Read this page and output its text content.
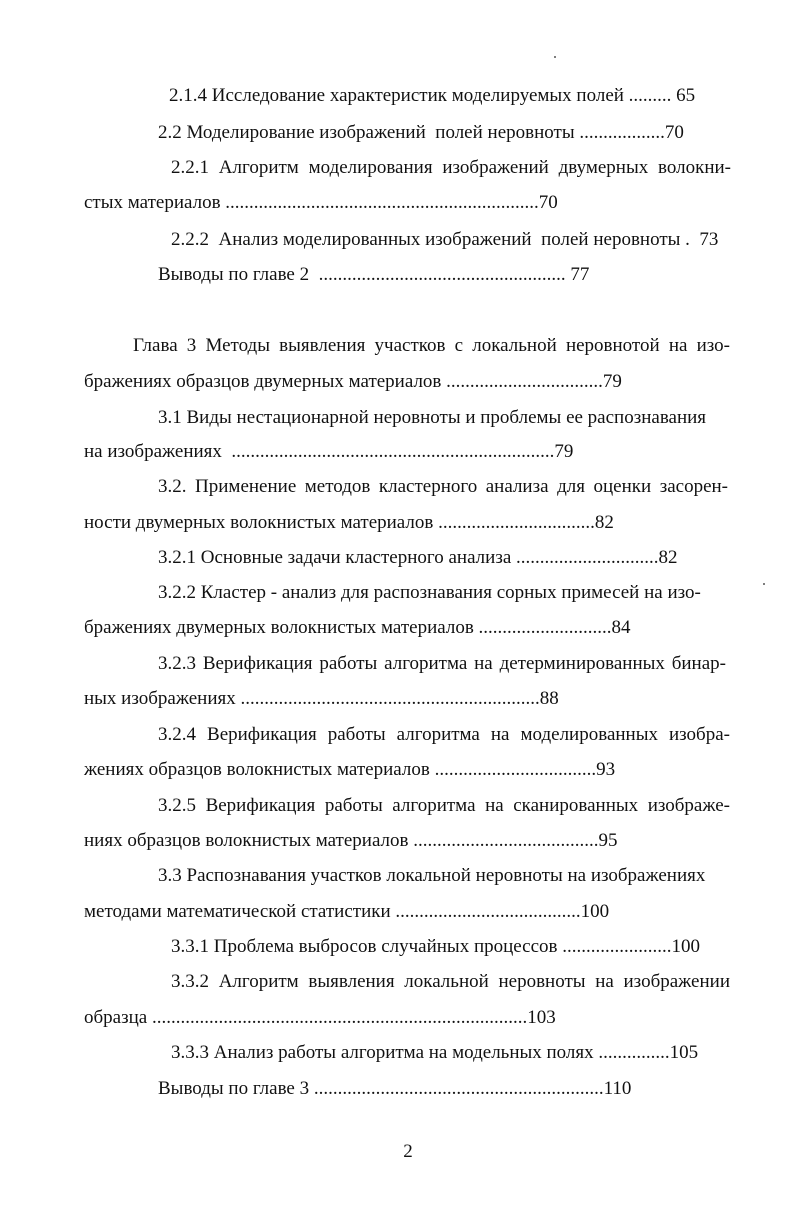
2.1.4 Исследование характеристик моделируемых полей ......... 65

2.2 Моделирование изображений  полей неровноты ..................70

2.2.1 Алгоритм моделирования изображений двумерных волокни-

стых материалов ..................................................................70

2.2.2  Анализ моделированных изображений  полей неровноты .  73

Выводы по главе 2  .................................................... 77

Глава 3 Методы выявления участков с локальной неровнотой на изо-

бражениях образцов двумерных материалов .................................79

3.1 Виды нестационарной неровноты и проблемы ее распознавания

на изображениях  ....................................................................79

3.2. Применение методов кластерного анализа для оценки засорен-

ности двумерных волокнистых материалов .................................82

3.2.1 Основные задачи кластерного анализа ..............................82

3.2.2 Кластер - анализ для распознавания сорных примесей на изо-

бражениях двумерных волокнистых материалов ............................84

3.2.3 Верификация работы алгоритма на детерминированных бинар-

ных изображениях ...............................................................88

3.2.4 Верификация работы алгоритма на моделированных изобра-

жениях образцов волокнистых материалов ..................................93

3.2.5 Верификация работы алгоритма на сканированных изображе-

ниях образцов волокнистых материалов .......................................95

3.3 Распознавания участков локальной неровноты на изображениях

методами математической статистики .......................................100

3.3.1 Проблема выбросов случайных процессов .......................100

3.3.2 Алгоритм выявления локальной неровноты на изображении

образца ...............................................................................103

3.3.3 Анализ работы алгоритма на модельных полях ...............105

Выводы по главе 3 .............................................................110

2
